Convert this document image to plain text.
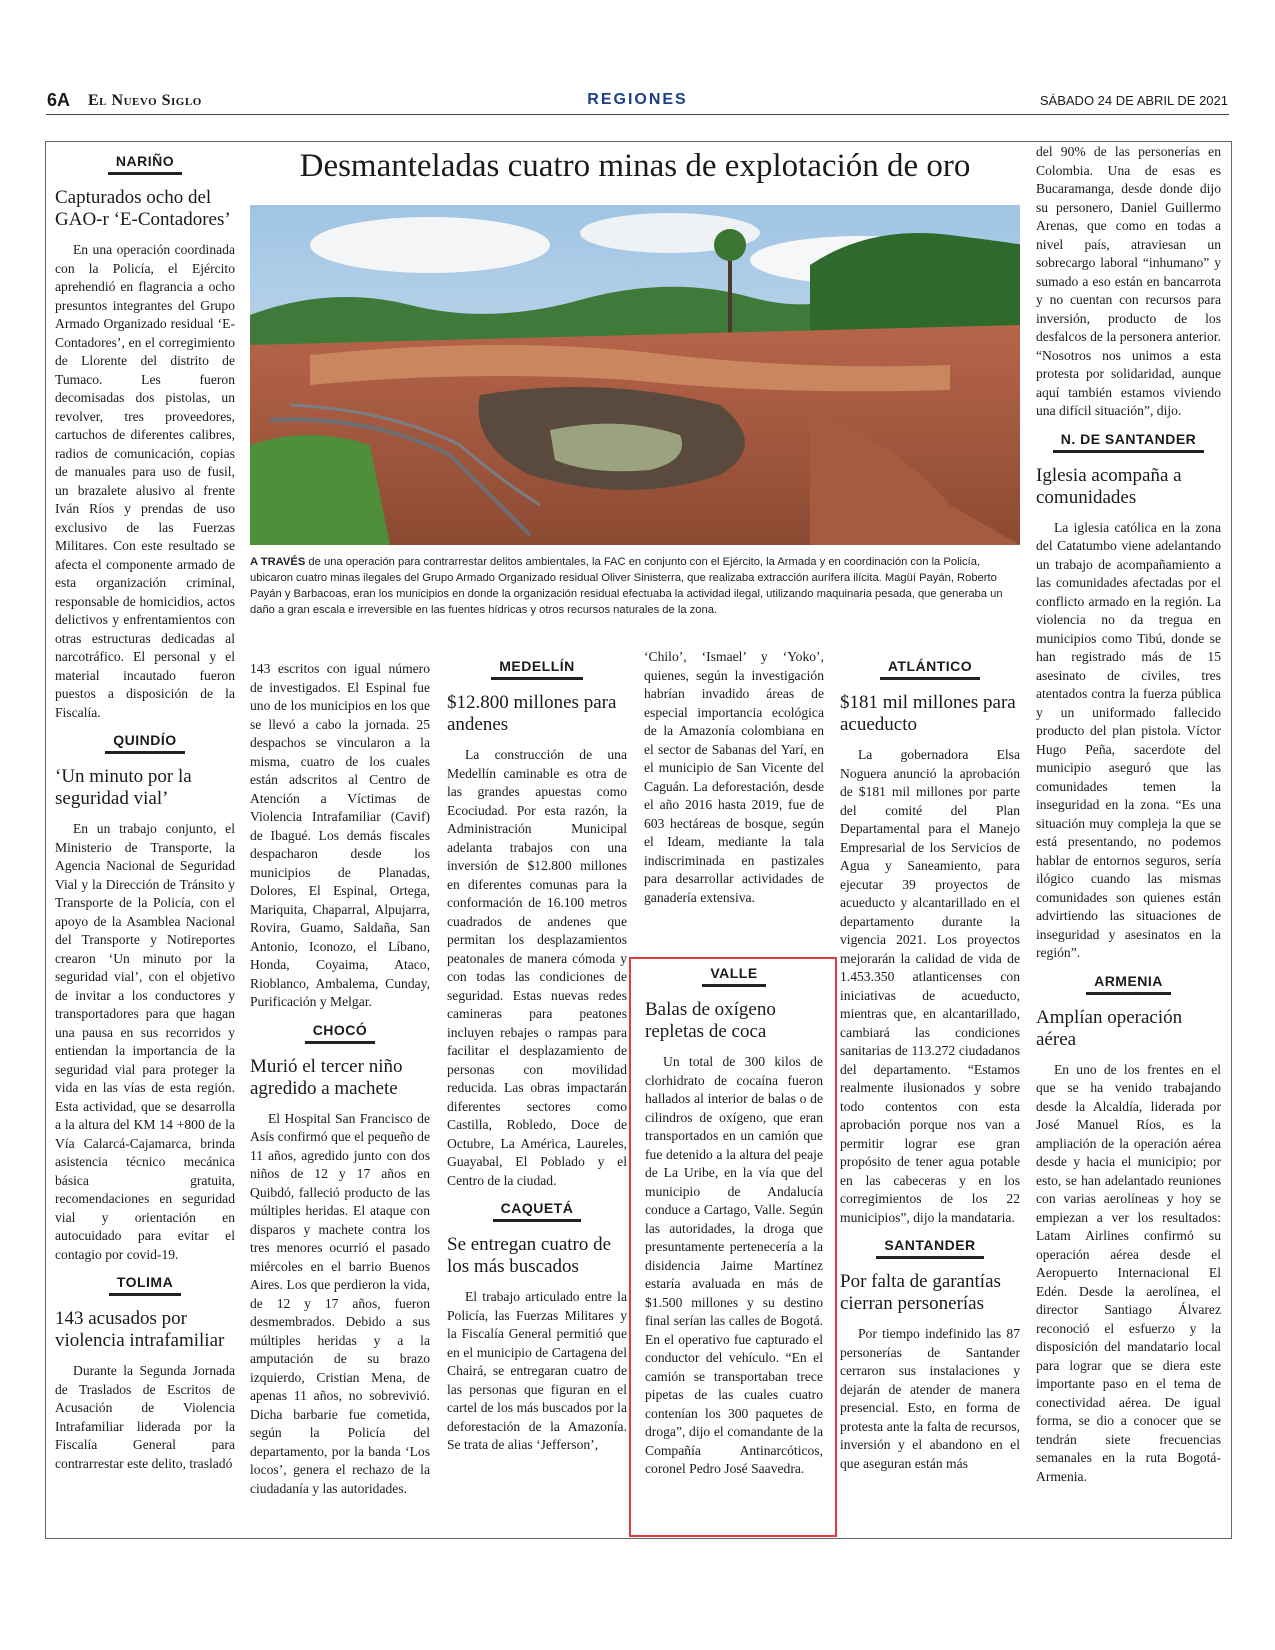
6A El Nuevo Siglo	REGIONES	SÁBADO 24 DE ABRIL DE 2021
Desmanteladas cuatro minas de explotación de oro
A TRAVÉS de una operación para contrarrestar delitos ambientales, la FAC en conjunto con el Ejército, la Armada y en coordinación con la Policía, ubicaron cuatro minas ilegales del Grupo Armado Organizado residual Oliver Sinisterra, que realizaba extracción aurífera ilícita. Magüí Payán, Roberto Payán y Barbacoas, eran los municipios en donde la organización residual efectuaba la actividad ilegal, utilizando maquinaria pesada, que generaba un daño a gran escala e irreversible en las fuentes hídricas y otros recursos naturales de la zona.
NARIÑO
Capturados ocho del GAO-r ‘E-Contadores’

En una operación coordinada con la Policía, el Ejército aprehendió en flagrancia a ocho presuntos integrantes del Grupo Armado Organizado residual ‘E-Contadores’, en el corregimiento de Llorente del distrito de Tumaco. Les fueron decomisadas dos pistolas, un revolver, tres proveedores, cartuchos de diferentes calibres, radios de comunicación, copias de manuales para uso de fusil, un brazalete alusivo al frente Iván Ríos y prendas de uso exclusivo de las Fuerzas Militares. Con este resultado se afecta el componente armado de esta organización criminal, responsable de homicidios, actos delictivos y enfrentamientos con otras estructuras dedicadas al narcotráfico. El personal y el material incautado fueron puestos a disposición de la Fiscalía.

QUINDÍO
‘Un minuto por la seguridad vial’

En un trabajo conjunto, el Ministerio de Transporte, la Agencia Nacional de Seguridad Vial y la Dirección de Tránsito y Transporte de la Policía, con el apoyo de la Asamblea Nacional del Transporte y Notireportes crearon ‘Un minuto por la seguridad vial’, con el objetivo de invitar a los conductores y transportadores para que hagan una pausa en sus recorridos y entiendan la importancia de la seguridad vial para proteger la vida en las vías de esta región. Esta actividad, que se desarrolla a la altura del KM 14 +800 de la Vía Calarcá-Cajamarca, brinda asistencia técnico mecánica básica gratuita, recomendaciones en seguridad vial y orientación en autocuidado para evitar el contagio por covid-19.

TOLIMA
143 acusados por violencia intrafamiliar

Durante la Segunda Jornada de Traslados de Escritos de Acusación de Violencia Intrafamiliar liderada por la Fiscalía General para contrarrestar este delito, trasladó

143 escritos con igual número de investigados. El Espinal fue uno de los municipios en los que se llevó a cabo la jornada. 25 despachos se vincularon a la misma, cuatro de los cuales están adscritos al Centro de Atención a Víctimas de Violencia Intrafamiliar (Cavif) de Ibagué. Los demás fiscales despacharon desde los municipios de Planadas, Dolores, El Espinal, Ortega, Mariquita, Chaparral, Alpujarra, Rovira, Guamo, Saldaña, San Antonio, Iconozo, el Líbano, Honda, Coyaima, Ataco, Rioblanco, Ambalema, Cunday, Purificación y Melgar.

CHOCÓ
Murió el tercer niño agredido a machete

El Hospital San Francisco de Asís confirmó que el pequeño de 11 años, agredido junto con dos niños de 12 y 17 años en Quibdó, falleció producto de las múltiples heridas. El ataque con disparos y machete contra los tres menores ocurrió el pasado miércoles en el barrio Buenos Aires. Los que perdieron la vida, de 12 y 17 años, fueron desmembrados. Debido a sus múltiples heridas y a la amputación de su brazo izquierdo, Cristian Mena, de apenas 11 años, no sobrevivió. Dicha barbarie fue cometida, según la Policía del departamento, por la banda ‘Los locos’, genera el rechazo de la ciudadanía y las autoridades.

MEDELLÍN
$12.800 millones para andenes

La construcción de una Medellín caminable es otra de las grandes apuestas como Ecociudad. Por esta razón, la Administración Municipal adelanta trabajos con una inversión de $12.800 millones en diferentes comunas para la conformación de 16.100 metros cuadrados de andenes que permitan los desplazamientos peatonales de manera cómoda y con todas las condiciones de seguridad. Estas nuevas redes camineras para peatones incluyen rebajes o rampas para facilitar el desplazamiento de personas con movilidad reducida. Las obras impactarán diferentes sectores como Castilla, Robledo, Doce de Octubre, La América, Laureles, Guayabal, El Poblado y el Centro de la ciudad.

CAQUETÁ
Se entregan cuatro de los más buscados

El trabajo articulado entre la Policía, las Fuerzas Militares y la Fiscalía General permitió que en el municipio de Cartagena del Chairá, se entregaran cuatro de las personas que figuran en el cartel de los más buscados por la deforestación de la Amazonía. Se trata de alias ‘Jefferson’,

‘Chilo’, ‘Ismael’ y ‘Yoko’, quienes, según la investigación habrían invadido áreas de especial importancia ecológica de la Amazonía colombiana en el sector de Sabanas del Yarí, en el municipio de San Vicente del Caguán. La deforestación, desde el año 2016 hasta 2019, fue de 603 hectáreas de bosque, según el Ideam, mediante la tala indiscriminada en pastizales para desarrollar actividades de ganadería extensiva.

VALLE
Balas de oxígeno repletas de coca

Un total de 300 kilos de clorhidrato de cocaína fueron hallados al interior de balas o de cilindros de oxígeno, que eran transportados en un camión que fue detenido a la altura del peaje de La Uribe, en la vía que del municipio de Andalucía conduce a Cartago, Valle. Según las autoridades, la droga que presuntamente pertenecería a la disidencia Jaime Martínez estaría avaluada en más de $1.500 millones y su destino final serían las calles de Bogotá. En el operativo fue capturado el conductor del vehículo. “En el camión se transportaban trece pipetas de las cuales cuatro contenían los 300 paquetes de droga”, dijo el comandante de la Compañía Antinarcóticos, coronel Pedro José Saavedra.

ATLÁNTICO
$181 mil millones para acueducto

La gobernadora Elsa Noguera anunció la aprobación de $181 mil millones por parte del comité del Plan Departamental para el Manejo Empresarial de los Servicios de Agua y Saneamiento, para ejecutar 39 proyectos de acueducto y alcantarillado en el departamento durante la vigencia 2021. Los proyectos mejorarán la calidad de vida de 1.453.350 atlanticenses con iniciativas de acueducto, mientras que, en alcantarillado, cambiará las condiciones sanitarias de 113.272 ciudadanos del departamento. “Estamos realmente ilusionados y sobre todo contentos con esta aprobación porque nos van a permitir lograr ese gran propósito de tener agua potable en las cabeceras y en los corregimientos de los 22 municipios”, dijo la mandataria.

SANTANDER
Por falta de garantías cierran personerías

Por tiempo indefinido las 87 personerías de Santander cerraron sus instalaciones y dejarán de atender de manera presencial. Esto, en forma de protesta ante la falta de recursos, inversión y el abandono en el que aseguran están más

del 90% de las personerías en Colombia. Una de esas es Bucaramanga, desde donde dijo su personero, Daniel Guillermo Arenas, que como en todas a nivel país, atraviesan un sobrecargo laboral “inhumano” y sumado a eso están en bancarrota y no cuentan con recursos para inversión, producto de los desfalcos de la personera anterior. “Nosotros nos unimos a esta protesta por solidaridad, aunque aquí también estamos viviendo una difícil situación”, dijo.

N. DE SANTANDER
Iglesia acompaña a comunidades

La iglesia católica en la zona del Catatumbo viene adelantando un trabajo de acompañamiento a las comunidades afectadas por el conflicto armado en la región. La violencia no da tregua en municipios como Tibú, donde se han registrado más de 15 asesinato de civiles, tres atentados contra la fuerza pública y un uniformado fallecido producto del plan pistola. Víctor Hugo Peña, sacerdote del municipio aseguró que las comunidades temen la inseguridad en la zona. “Es una situación muy compleja la que se está presentando, no podemos hablar de entornos seguros, sería ilógico cuando las mismas comunidades son quienes están advirtiendo las situaciones de inseguridad y asesinatos en la región”.

ARMENIA
Amplían operación aérea

En uno de los frentes en el que se ha venido trabajando desde la Alcaldía, liderada por José Manuel Ríos, es la ampliación de la operación aérea desde y hacia el municipio; por esto, se han adelantado reuniones con varias aerolíneas y hoy se empiezan a ver los resultados: Latam Airlines confirmó su operación aérea desde el Aeropuerto Internacional El Edén. Desde la aerolínea, el director Santiago Álvarez reconoció el esfuerzo y la disposición del mandatario local para lograr que se diera este importante paso en el tema de conectividad aérea. De igual forma, se dio a conocer que se tendrán siete frecuencias semanales en la ruta Bogotá-Armenia.
